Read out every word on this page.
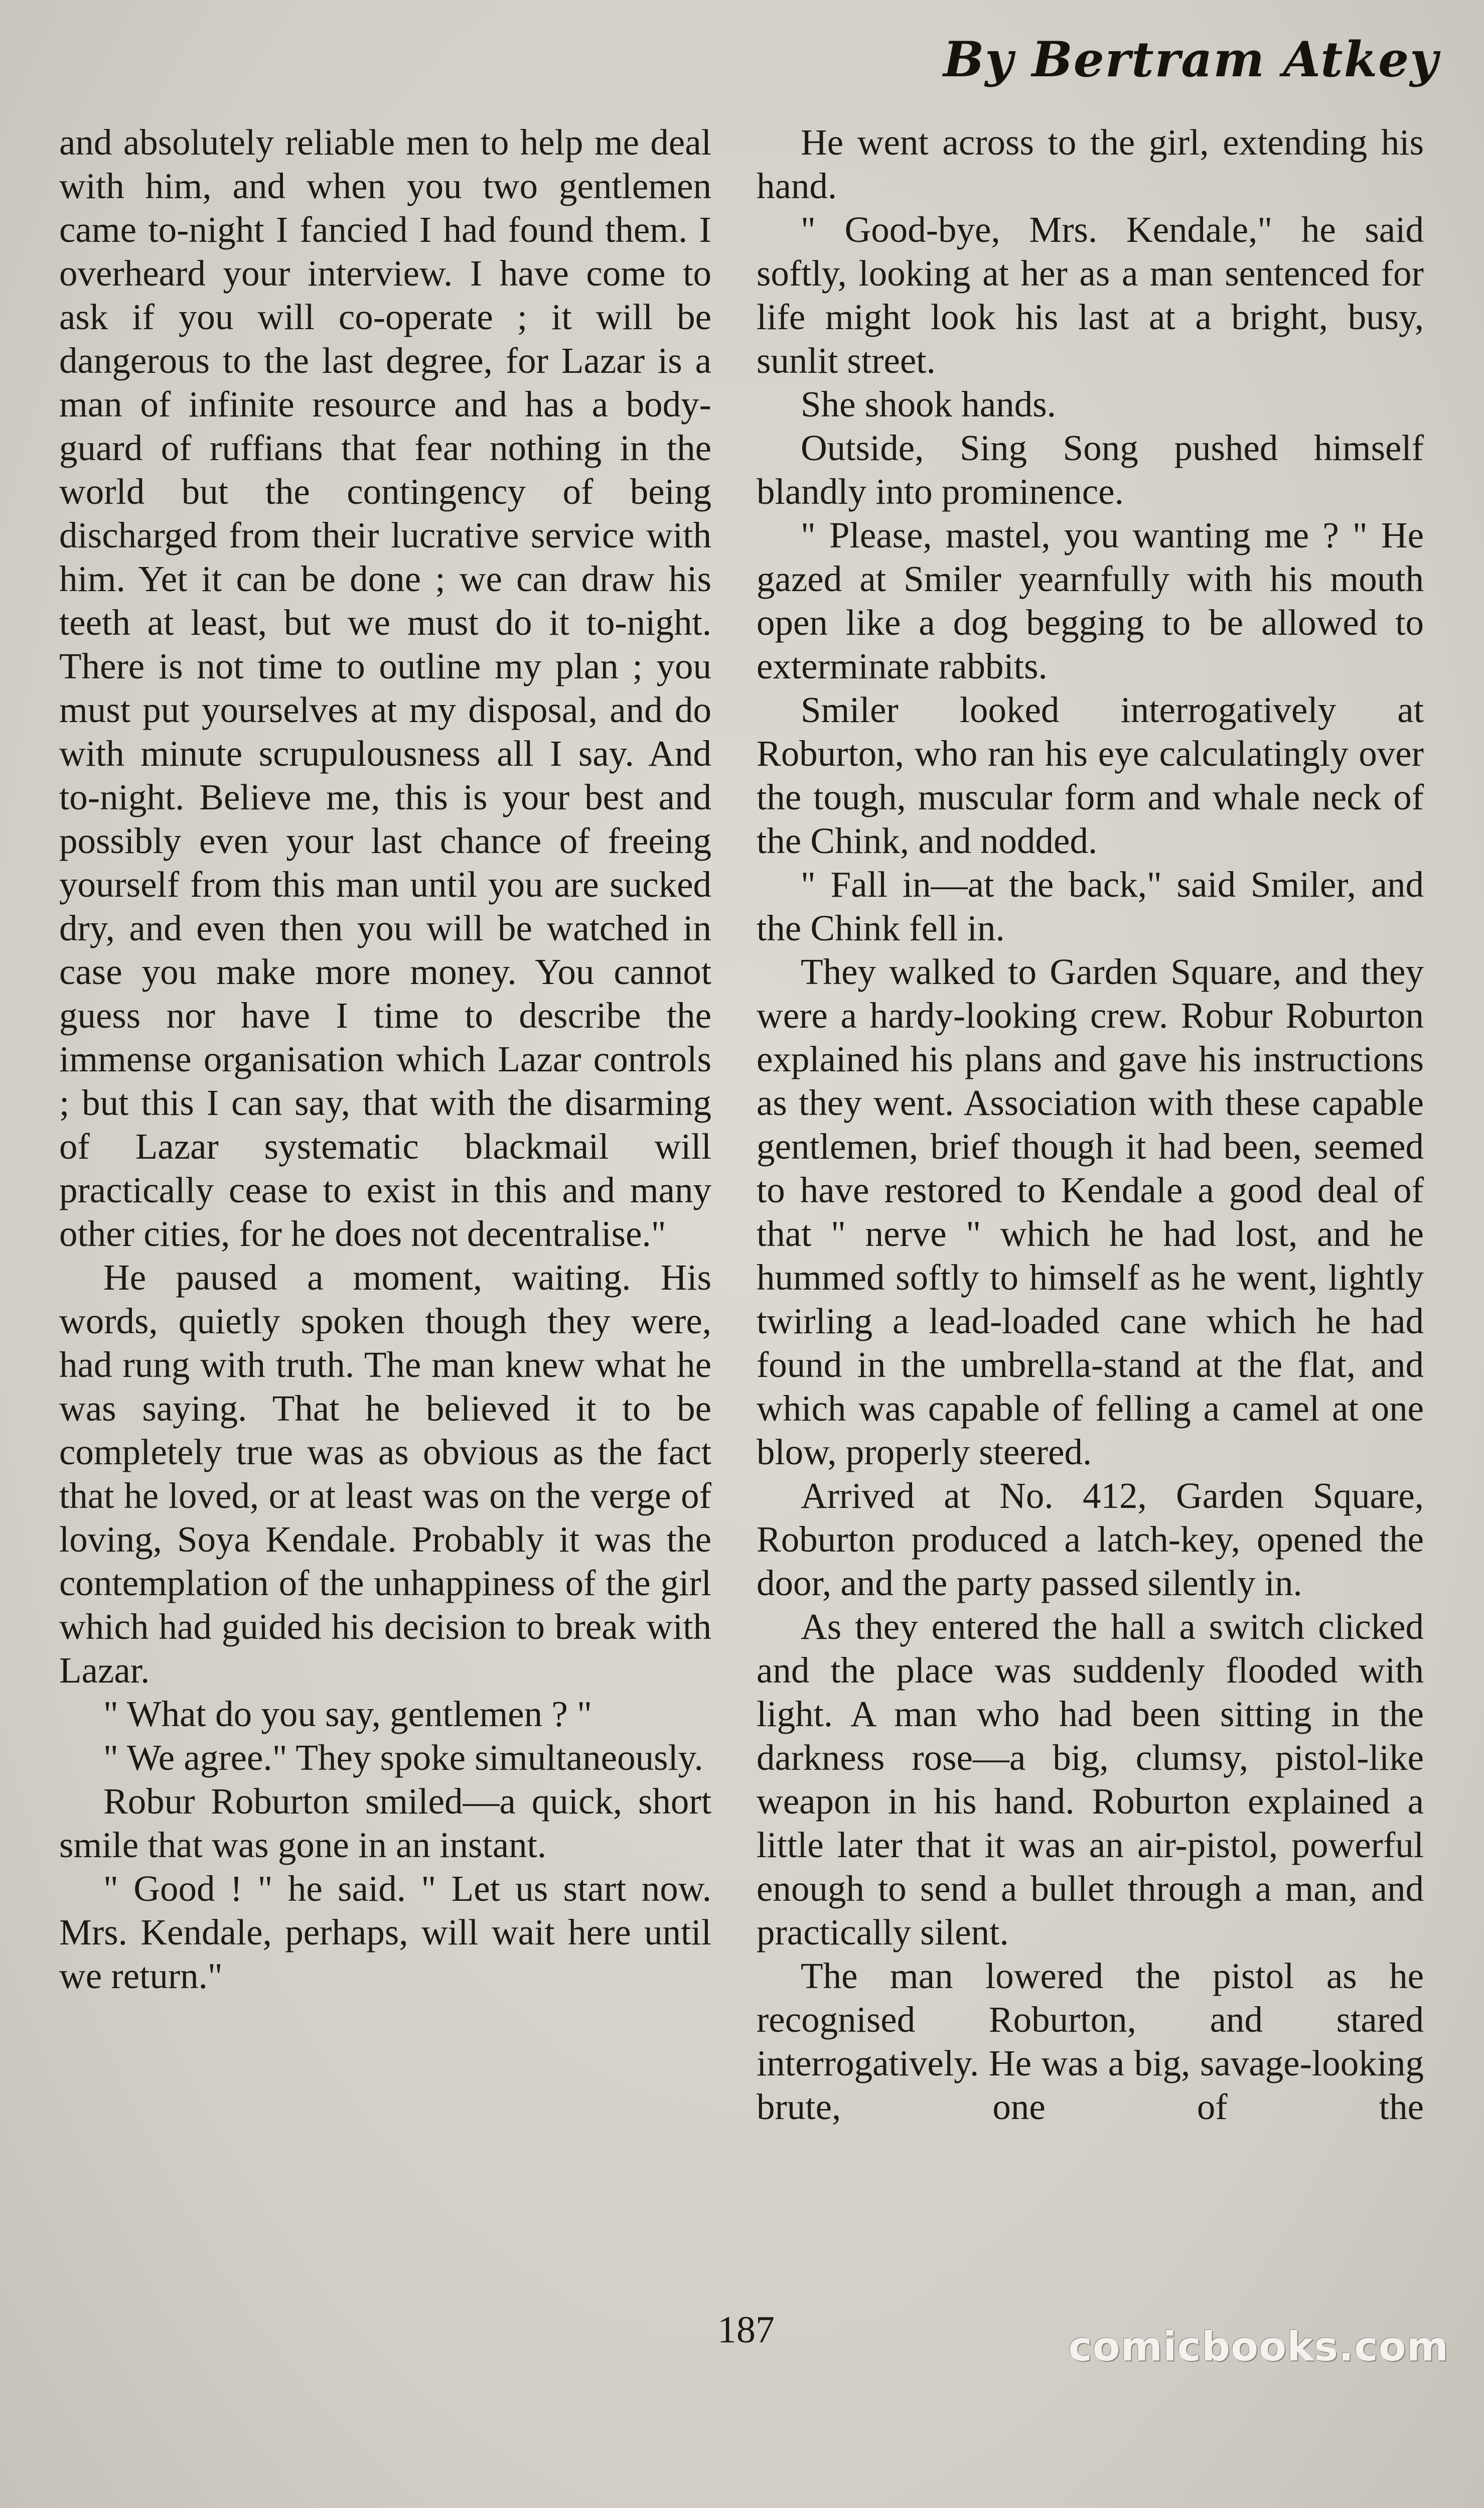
By Bertram Atkey

and absolutely reliable men to help me deal with him, and when you two gentlemen came to-night I fancied I had found them. I overheard your interview. I have come to ask if you will co-operate ; it will be dangerous to the last degree, for Lazar is a man of infinite resource and has a body-guard of ruffians that fear nothing in the world but the contingency of being discharged from their lucrative service with him. Yet it can be done ; we can draw his teeth at least, but we must do it to-night. There is not time to outline my plan ; you must put yourselves at my disposal, and do with minute scrupulousness all I say. And to-night. Believe me, this is your best and possibly even your last chance of freeing yourself from this man until you are sucked dry, and even then you will be watched in case you make more money. You cannot guess nor have I time to describe the immense organisation which Lazar controls ; but this I can say, that with the disarming of Lazar systematic blackmail will practically cease to exist in this and many other cities, for he does not decentralise."

He paused a moment, waiting. His words, quietly spoken though they were, had rung with truth. The man knew what he was saying. That he believed it to be completely true was as obvious as the fact that he loved, or at least was on the verge of loving, Soya Kendale. Probably it was the contemplation of the unhappiness of the girl which had guided his decision to break with Lazar.

" What do you say, gentlemen ? "

" We agree." They spoke simultaneously.

Robur Roburton smiled—a quick, short smile that was gone in an instant.

" Good ! " he said. " Let us start now. Mrs. Kendale, perhaps, will wait here until we return."

He went across to the girl, extending his hand.

" Good-bye, Mrs. Kendale," he said softly, looking at her as a man sentenced for life might look his last at a bright, busy, sunlit street.

She shook hands.

Outside, Sing Song pushed himself blandly into prominence.

" Please, mastel, you wanting me ? " He gazed at Smiler yearnfully with his mouth open like a dog begging to be allowed to exterminate rabbits.

Smiler looked interrogatively at Roburton, who ran his eye calculatingly over the tough, muscular form and whale neck of the Chink, and nodded.

" Fall in—at the back," said Smiler, and the Chink fell in.

They walked to Garden Square, and they were a hardy-looking crew. Robur Roburton explained his plans and gave his instructions as they went. Association with these capable gentlemen, brief though it had been, seemed to have restored to Kendale a good deal of that " nerve " which he had lost, and he hummed softly to himself as he went, lightly twirling a lead-loaded cane which he had found in the umbrella-stand at the flat, and which was capable of felling a camel at one blow, properly steered.

Arrived at No. 412, Garden Square, Roburton produced a latch-key, opened the door, and the party passed silently in.

As they entered the hall a switch clicked and the place was suddenly flooded with light. A man who had been sitting in the darkness rose—a big, clumsy, pistol-like weapon in his hand. Roburton explained a little later that it was an air-pistol, powerful enough to send a bullet through a man, and practically silent.

The man lowered the pistol as he recognised Roburton, and stared interrogatively. He was a big, savage-looking brute, one of the

187	comicbooks.com
